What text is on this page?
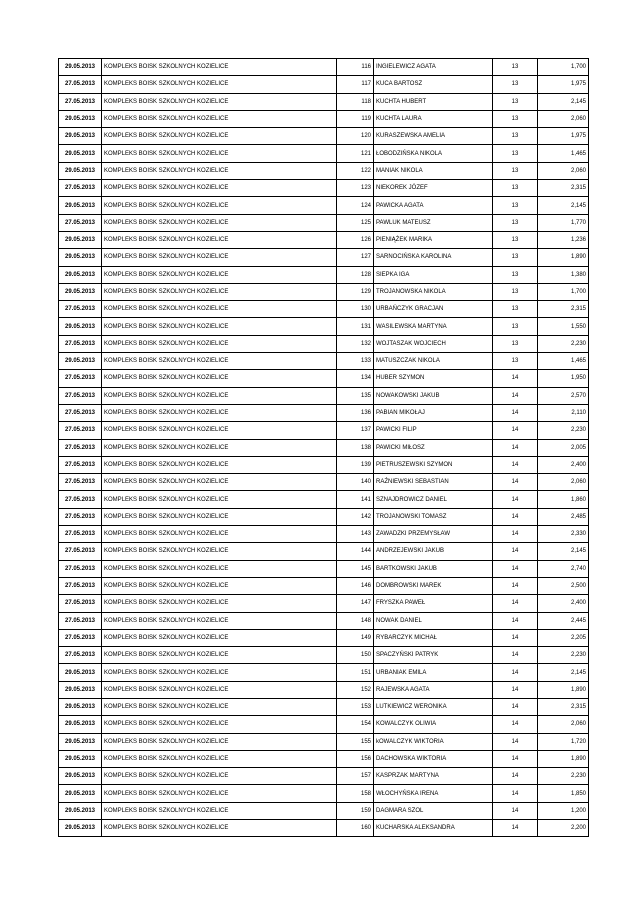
29.05.2013	KOMPLEKS BOISK SZKOLNYCH KOZIELICE	116	INGIELEWICZ AGATA	13	1,700
27.05.2013	KOMPLEKS BOISK SZKOLNYCH KOZIELICE	117	KUCA BARTOSZ	13	1,975
27.05.2013	KOMPLEKS BOISK SZKOLNYCH KOZIELICE	118	KUCHTA HUBERT	13	2,145
29.05.2013	KOMPLEKS BOISK SZKOLNYCH KOZIELICE	119	KUCHTA LAURA	13	2,060
29.05.2013	KOMPLEKS BOISK SZKOLNYCH KOZIELICE	120	KURASZEWSKA AMELIA	13	1,975
29.05.2013	KOMPLEKS BOISK SZKOLNYCH KOZIELICE	121	ŁOBODZIŃSKA NIKOLA	13	1,465
29.05.2013	KOMPLEKS BOISK SZKOLNYCH KOZIELICE	122	MANIAK NIKOLA	13	2,060
27.05.2013	KOMPLEKS BOISK SZKOLNYCH KOZIELICE	123	NIEKOREK JÓZEF	13	2,315
29.05.2013	KOMPLEKS BOISK SZKOLNYCH KOZIELICE	124	PAWICKA AGATA	13	2,145
27.05.2013	KOMPLEKS BOISK SZKOLNYCH KOZIELICE	125	PAWLUK MATEUSZ	13	1,770
29.05.2013	KOMPLEKS BOISK SZKOLNYCH KOZIELICE	126	PIENIĄŻEK MARIKA	13	1,236
29.05.2013	KOMPLEKS BOISK SZKOLNYCH KOZIELICE	127	SARNOCIŃSKA KAROLINA	13	1,890
29.05.2013	KOMPLEKS BOISK SZKOLNYCH KOZIELICE	128	SIEPKA IGA	13	1,380
29.05.2013	KOMPLEKS BOISK SZKOLNYCH KOZIELICE	129	TROJANOWSKA NIKOLA	13	1,700
27.05.2013	KOMPLEKS BOISK SZKOLNYCH KOZIELICE	130	URBAŃCZYK GRACJAN	13	2,315
29.05.2013	KOMPLEKS BOISK SZKOLNYCH KOZIELICE	131	WASILEWSKA MARTYNA	13	1,550
27.05.2013	KOMPLEKS BOISK SZKOLNYCH KOZIELICE	132	WOJTASZAK WOJCIECH	13	2,230
29.05.2013	KOMPLEKS BOISK SZKOLNYCH KOZIELICE	133	MATUSZCZAK NIKOLA	13	1,465
27.05.2013	KOMPLEKS BOISK SZKOLNYCH KOZIELICE	134	HUBER SZYMON	14	1,950
27.05.2013	KOMPLEKS BOISK SZKOLNYCH KOZIELICE	135	NOWAKOWSKI JAKUB	14	2,570
27.05.2013	KOMPLEKS BOISK SZKOLNYCH KOZIELICE	136	PABIAN MIKOŁAJ	14	2,110
27.05.2013	KOMPLEKS BOISK SZKOLNYCH KOZIELICE	137	PAWICKI FILIP	14	2,230
27.05.2013	KOMPLEKS BOISK SZKOLNYCH KOZIELICE	138	PAWICKI MIŁOSZ	14	2,005
27.05.2013	KOMPLEKS BOISK SZKOLNYCH KOZIELICE	139	PIETRUSZEWSKI SZYMON	14	2,400
27.05.2013	KOMPLEKS BOISK SZKOLNYCH KOZIELICE	140	RAŹNIEWSKI SEBASTIAN	14	2,060
27.05.2013	KOMPLEKS BOISK SZKOLNYCH KOZIELICE	141	SZNAJDROWICZ DANIEL	14	1,860
27.05.2013	KOMPLEKS BOISK SZKOLNYCH KOZIELICE	142	TROJANOWSKI TOMASZ	14	2,485
27.05.2013	KOMPLEKS BOISK SZKOLNYCH KOZIELICE	143	ZAWADZKI PRZEMYSŁAW	14	2,330
27.05.2013	KOMPLEKS BOISK SZKOLNYCH KOZIELICE	144	ANDRZEJEWSKI JAKUB	14	2,145
27.05.2013	KOMPLEKS BOISK SZKOLNYCH KOZIELICE	145	BARTKOWSKI JAKUB	14	2,740
27.05.2013	KOMPLEKS BOISK SZKOLNYCH KOZIELICE	146	DOMBROWSKI MAREK	14	2,500
27.05.2013	KOMPLEKS BOISK SZKOLNYCH KOZIELICE	147	FRYSZKA PAWEŁ	14	2,400
27.05.2013	KOMPLEKS BOISK SZKOLNYCH KOZIELICE	148	NOWAK DANIEL	14	2,445
27.05.2013	KOMPLEKS BOISK SZKOLNYCH KOZIELICE	149	RYBARCZYK MICHAŁ	14	2,205
27.05.2013	KOMPLEKS BOISK SZKOLNYCH KOZIELICE	150	SPACZYŃSKI PATRYK	14	2,230
29.05.2013	KOMPLEKS BOISK SZKOLNYCH KOZIELICE	151	URBANIAK EMILA	14	2,145
29.05.2013	KOMPLEKS BOISK SZKOLNYCH KOZIELICE	152	RAJEWSKA AGATA	14	1,890
29.05.2013	KOMPLEKS BOISK SZKOLNYCH KOZIELICE	153	LUTKIEWICZ WERONIKA	14	2,315
29.05.2013	KOMPLEKS BOISK SZKOLNYCH KOZIELICE	154	KOWALCZYK OLIWIA	14	2,060
29.05.2013	KOMPLEKS BOISK SZKOLNYCH KOZIELICE	155	kOWALCZYK WIKTORIA	14	1,720
29.05.2013	KOMPLEKS BOISK SZKOLNYCH KOZIELICE	156	DACHOWSKA WIKTORIA	14	1,890
29.05.2013	KOMPLEKS BOISK SZKOLNYCH KOZIELICE	157	KASPRZAK MARTYNA	14	2,230
29.05.2013	KOMPLEKS BOISK SZKOLNYCH KOZIELICE	158	WŁOCHYŃSKA IRENA	14	1,850
29.05.2013	KOMPLEKS BOISK SZKOLNYCH KOZIELICE	159	DAGMARA SZOL	14	1,200
29.05.2013	KOMPLEKS BOISK SZKOLNYCH KOZIELICE	160	KUCHARSKA ALEKSANDRA	14	2,200
